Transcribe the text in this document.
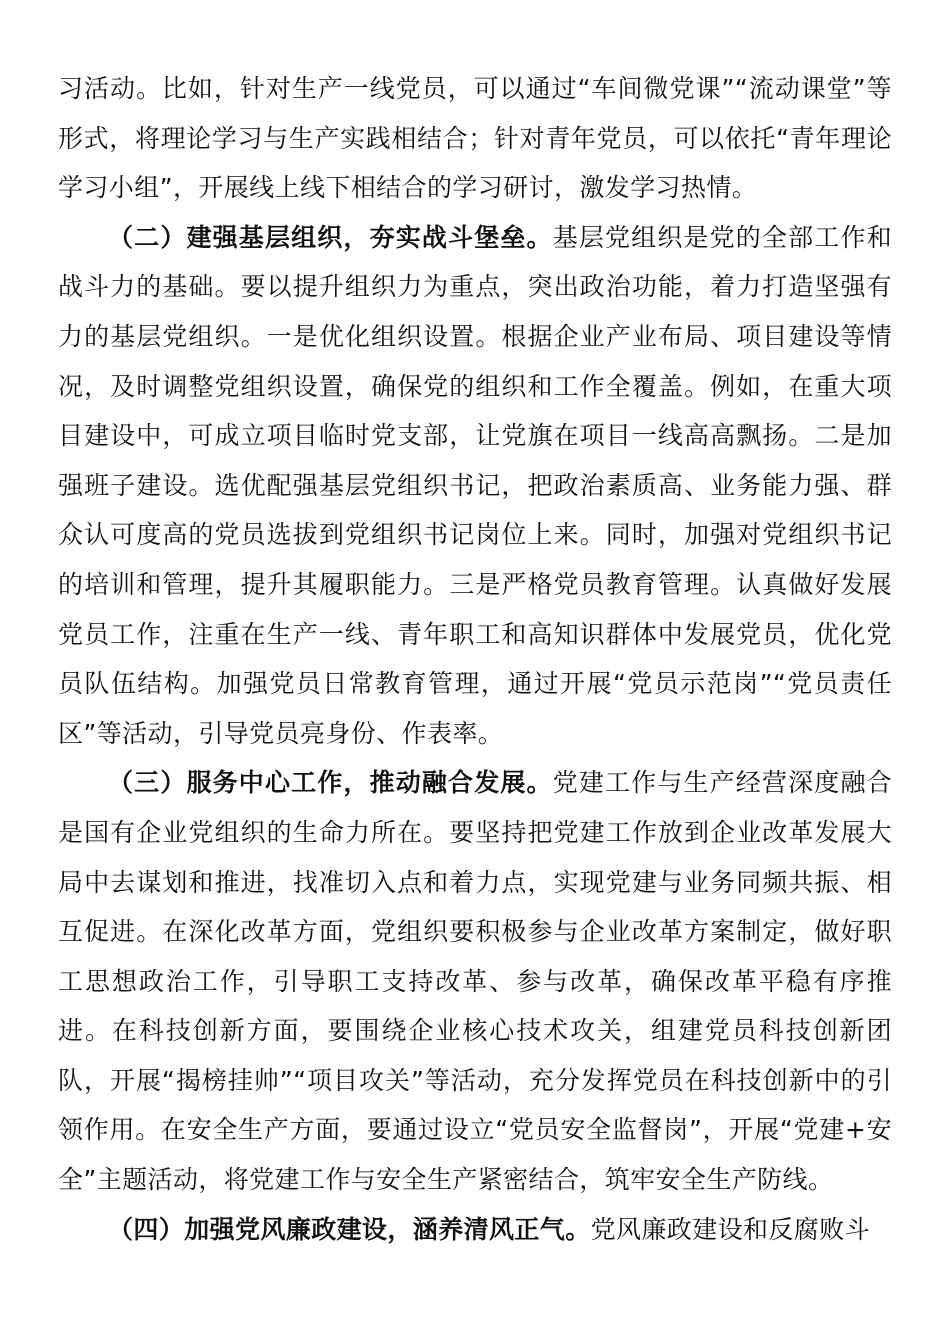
习活动。比如，针对生产一线党员，可以通过“车间微党课”“流动课堂”等形式，将理论学习与生产实践相结合；针对青年党员，可以依托“青年理论学习小组”，开展线上线下相结合的学习研讨，激发学习热情。

（二）建强基层组织，夯实战斗堡垒。基层党组织是党的全部工作和战斗力的基础。要以提升组织力为重点，突出政治功能，着力打造坚强有力的基层党组织。一是优化组织设置。根据企业产业布局、项目建设等情况，及时调整党组织设置，确保党的组织和工作全覆盖。例如，在重大项目建设中，可成立项目临时党支部，让党旗在项目一线高高飘扬。二是加强班子建设。选优配强基层党组织书记，把政治素质高、业务能力强、群众认可度高的党员选拔到党组织书记岗位上来。同时，加强对党组织书记的培训和管理，提升其履职能力。三是严格党员教育管理。认真做好发展党员工作，注重在生产一线、青年职工和高知识群体中发展党员，优化党员队伍结构。加强党员日常教育管理，通过开展“党员示范岗”“党员责任区”等活动，引导党员亮身份、作表率。

（三）服务中心工作，推动融合发展。党建工作与生产经营深度融合是国有企业党组织的生命力所在。要坚持把党建工作放到企业改革发展大局中去谋划和推进，找准切入点和着力点，实现党建与业务同频共振、相互促进。在深化改革方面，党组织要积极参与企业改革方案制定，做好职工思想政治工作，引导职工支持改革、参与改革，确保改革平稳有序推进。在科技创新方面，要围绕企业核心技术攻关，组建党员科技创新团队，开展“揭榜挂帅”“项目攻关”等活动，充分发挥党员在科技创新中的引领作用。在安全生产方面，要通过设立“党员安全监督岗”，开展“党建+安全”主题活动，将党建工作与安全生产紧密结合，筑牢安全生产防线。

（四）加强党风廉政建设，涵养清风正气。党风廉政建设和反腐败斗
